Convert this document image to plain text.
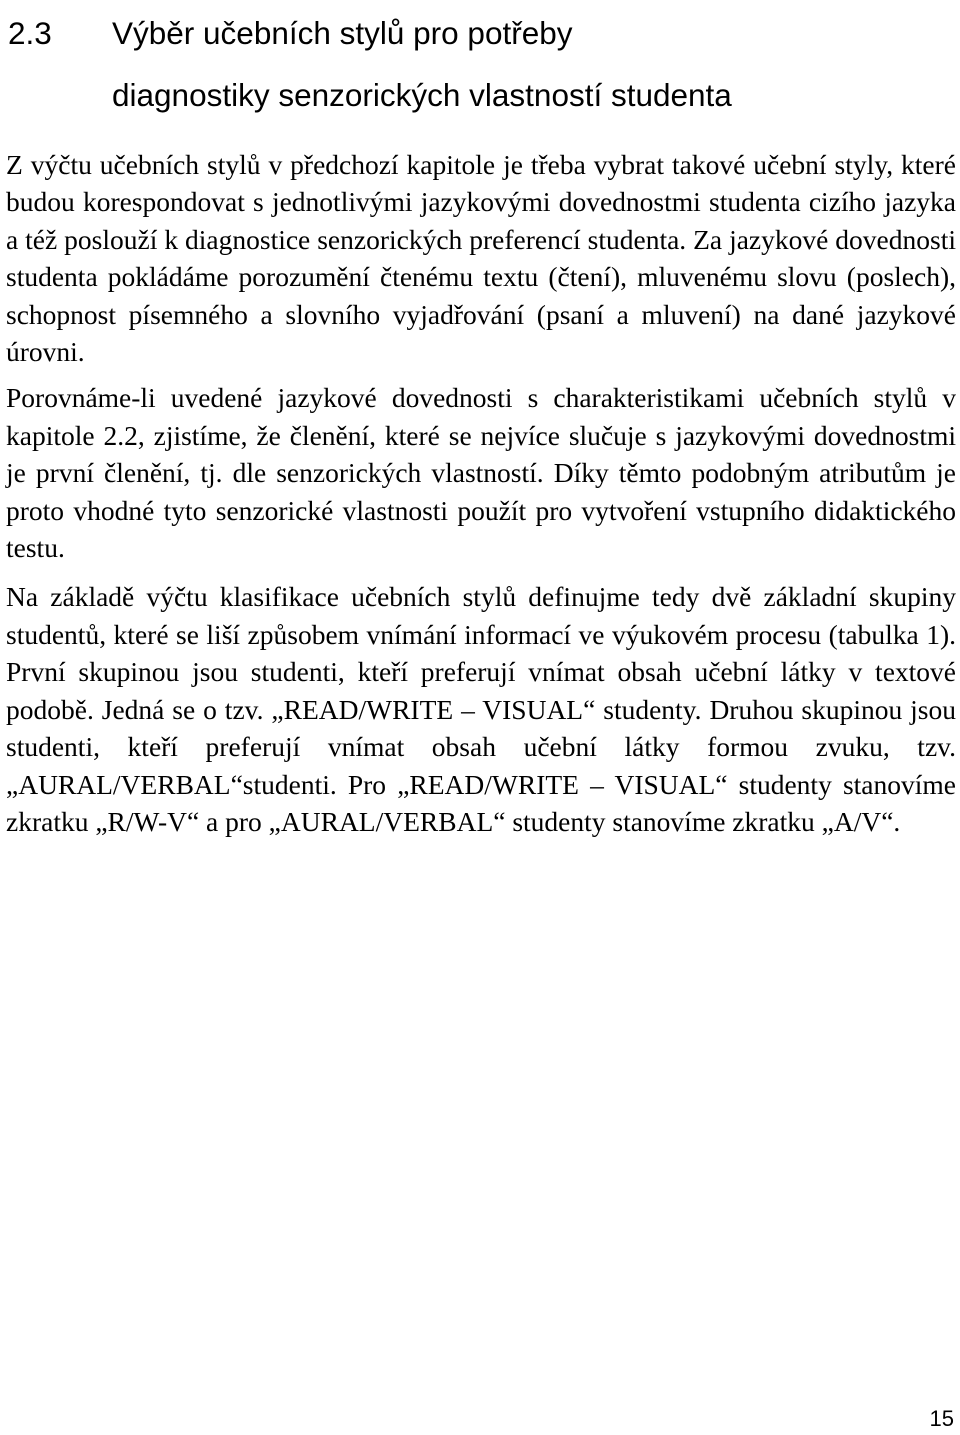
2.3 Výběr učebních stylů pro potřeby
diagnostiky senzorických vlastností studenta

Z výčtu učebních stylů v předchozí kapitole je třeba vybrat takové učební styly, které budou korespondovat s jednotlivými jazykovými dovednostmi studenta cizího jazyka a též poslouží k diagnostice senzorických preferencí studenta. Za jazykové dovednosti studenta pokládáme porozumění čtenému textu (čtení), mluvenému slovu (poslech), schopnost písemného a slovního vyjadřování (psaní a mluvení) na dané jazykové úrovni.

Porovnáme-li uvedené jazykové dovednosti s charakteristikami učebních stylů v kapitole 2.2, zjistíme, že členění, které se nejvíce slučuje s jazykovými dovednostmi je první členění, tj. dle senzorických vlastností. Díky těmto podobným atributům je proto vhodné tyto senzorické vlastnosti použít pro vytvoření vstupního didaktického testu.

Na základě výčtu klasifikace učebních stylů definujme tedy dvě základní skupiny studentů, které se liší způsobem vnímání informací ve výukovém procesu (tabulka 1). První skupinou jsou studenti, kteří preferují vnímat obsah učební látky v textové podobě. Jedná se o tzv. „READ/WRITE – VISUAL“ studenty. Druhou skupinou jsou studenti, kteří preferují vnímat obsah učební látky formou zvuku, tzv. „AURAL/VERBAL“studenti. Pro „READ/WRITE – VISUAL“ studenty stanovíme zkratku „R/W-V“ a pro „AURAL/VERBAL“ studenty stanovíme zkratku „A/V“.

15
